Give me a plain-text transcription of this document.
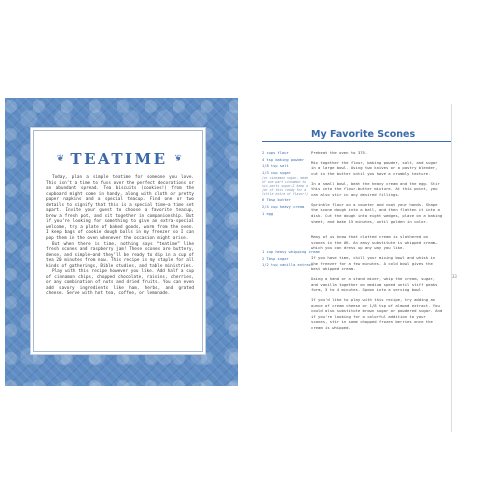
❦ TEATIME ❦

Today, plan a simple teatime for someone you love. This isn’t a time to fuss over the perfect decorations or an abundant spread. Tea biscuits (cookies!) from the cupboard might come in handy, along with cloth or pretty paper napkins and a special teacup. Find one or two details to signify that this is a special time—a time set apart. Invite your guest to choose a favorite teacup, brew a fresh pot, and sit together in companionship. But if you’re looking for something to give an extra-special welcome, try a plate of baked goods, warm from the oven. I keep bags of cookie dough balls in my freezer so I can pop them in the oven whenever the occasion might arise.

But when there is time, nothing says “teatime” like fresh scones and raspberry jam! These scones are buttery, dense, and simple—and they’ll be ready to dip in a cup of tea 20 minutes from now. This recipe is my staple for all kinds of gatherings, Bible studies, and table ministries.

Play with this recipe however you like. Add half a cup of cinnamon chips, chopped chocolate, raisins, cherries, or any combination of nuts and dried fruits. You can even add savory ingredients like ham, herbs, and grated cheese. Serve with hot tea, coffee, or lemonade.

My Favorite Scones
2 cups flour
4 tsp baking powder
1/8 tsp salt
1/3 cup sugar
(or cinnamon sugar, made of one part cinnamon to six parts sugar—I keep a jar of this ready for a little extra of flavor!)
6 Tbsp butter
2/4 cup heavy cream
1 egg
1 cup heavy whipping cream
2 Tbsp sugar
1/2 tsp vanilla extract

Preheat the oven to 375.

Mix together the flour, baking powder, salt, and sugar in a large bowl. Using two knives or a pastry blender, cut in the butter until you have a crumbly texture.

In a small bowl, beat the heavy cream and the egg. Stir this into the flour-butter mixture. At this point, you can also stir in any desired fillings.

Sprinkle flour on a counter and coat your hands. Shape the scone dough into a ball, and then flatten it into a disk. Cut the dough into eight wedges, place on a baking sheet, and bake 15 minutes, until golden in color.

Many of us know that clotted cream is slathered on scones in the UK. An easy substitute is whipped cream—which you can dress up any way you like.

If you have time, chill your mixing bowl and whisk in the freezer for a few minutes. A cold bowl gives the best whipped cream.

Using a hand or a stand mixer, whip the cream, sugar, and vanilla together on medium speed until stiff peaks form, 3 to 4 minutes. Spoon into a serving bowl.

If you’d like to play with this recipe, try adding an ounce of cream cheese or 1/8 tsp of almond extract. You could also substitute brown sugar or powdered sugar. And if you’re looking for a colorful addition to your scones, stir in some chopped frozen berries once the cream is whipped.

33
